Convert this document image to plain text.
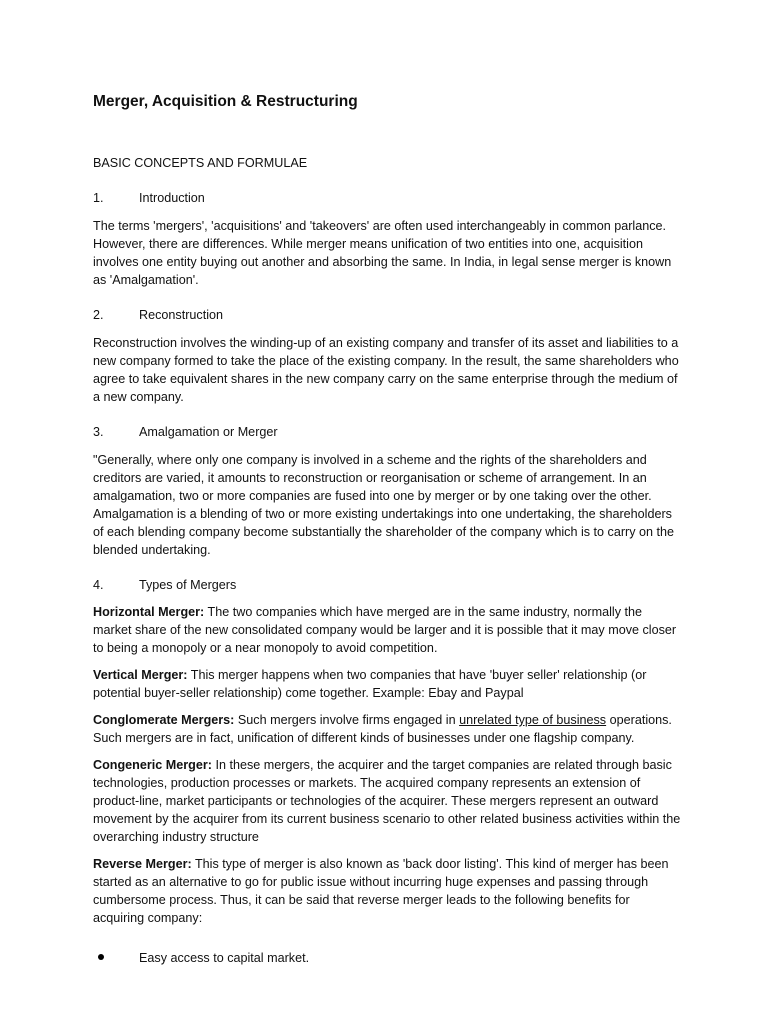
Merger, Acquisition & Restructuring
BASIC CONCEPTS AND FORMULAE
1.	Introduction

The terms 'mergers', 'acquisitions' and 'takeovers' are often used interchangeably in common parlance. However, there are differences. While merger means unification of two entities into one, acquisition involves one entity buying out another and absorbing the same. In India, in legal sense merger is known as 'Amalgamation'.

2.	Reconstruction

Reconstruction involves the winding-up of an existing company and transfer of its asset and liabilities to a new company formed to take the place of the existing company. In the result, the same shareholders who agree to take equivalent shares in the new company carry on the same enterprise through the medium of a new company.

3.	Amalgamation or Merger

"Generally, where only one company is involved in a scheme and the rights of the shareholders and creditors are varied, it amounts to reconstruction or reorganisation or scheme of arrangement. In an amalgamation, two or more companies are fused into one by merger or by one taking over the other. Amalgamation is a blending of two or more existing undertakings into one undertaking, the shareholders of each blending company become substantially the shareholder of the company which is to carry on the blended undertaking.

4.	Types of Mergers

Horizontal Merger: The two companies which have merged are in the same industry, normally the market share of the new consolidated company would be larger and it is possible that it may move closer to being a monopoly or a near monopoly to avoid competition.

Vertical Merger: This merger happens when two companies that have 'buyer seller' relationship (or potential buyer-seller relationship) come together. Example: Ebay and Paypal

Conglomerate Mergers: Such mergers involve firms engaged in unrelated type of business operations. Such mergers are in fact, unification of different kinds of businesses under one flagship company.

Congeneric Merger: In these mergers, the acquirer and the target companies are related through basic technologies, production processes or markets. The acquired company represents an extension of product-line, market participants or technologies of the acquirer. These mergers represent an outward movement by the acquirer from its current business scenario to other related business activities within the overarching industry structure

Reverse Merger: This type of merger is also known as 'back door listing'. This kind of merger has been started as an alternative to go for public issue without incurring huge expenses and passing through cumbersome process. Thus, it can be said that reverse merger leads to the following benefits for acquiring company:

Easy access to capital market.
